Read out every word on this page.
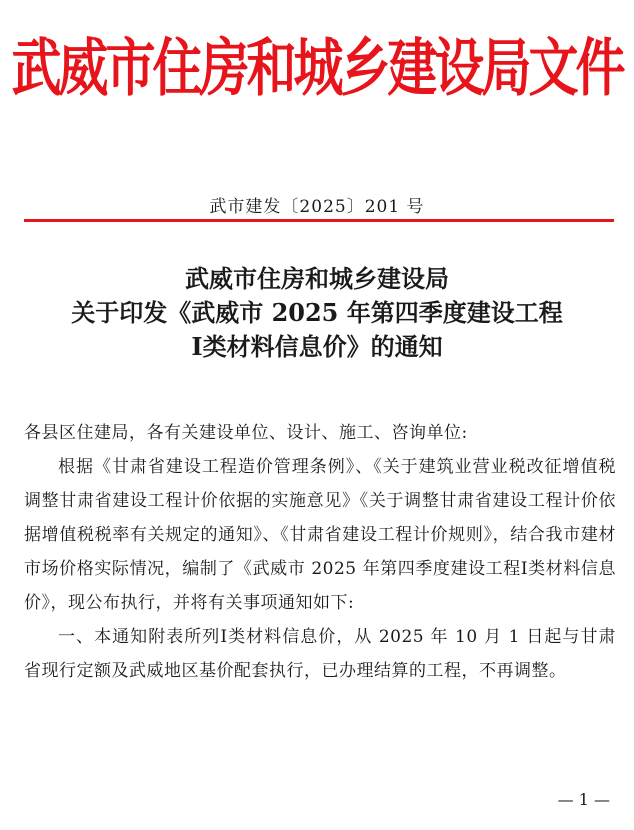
武威市住房和城乡建设局文件
武市建发〔2025〕201 号
武威市住房和城乡建设局
关于印发《武威市 2025 年第四季度建设工程
I类材料信息价》的通知
各县区住建局，各有关建设单位、设计、施工、咨询单位:

根据《甘肃省建设工程造价管理条例》、《关于建筑业营业税改征增值税调整甘肃省建设工程计价依据的实施意见》《关于调整甘肃省建设工程计价依据增值税税率有关规定的通知》、《甘肃省建设工程计价规则》，结合我市建材市场价格实际情况，编制了《武威市 2025 年第四季度建设工程I类材料信息价》，现公布执行，并将有关事项通知如下:

一、本通知附表所列I类材料信息价，从 2025 年 10 月 1 日起与甘肃省现行定额及武威地区基价配套执行，已办理结算的工程，不再调整。

— 1 —
